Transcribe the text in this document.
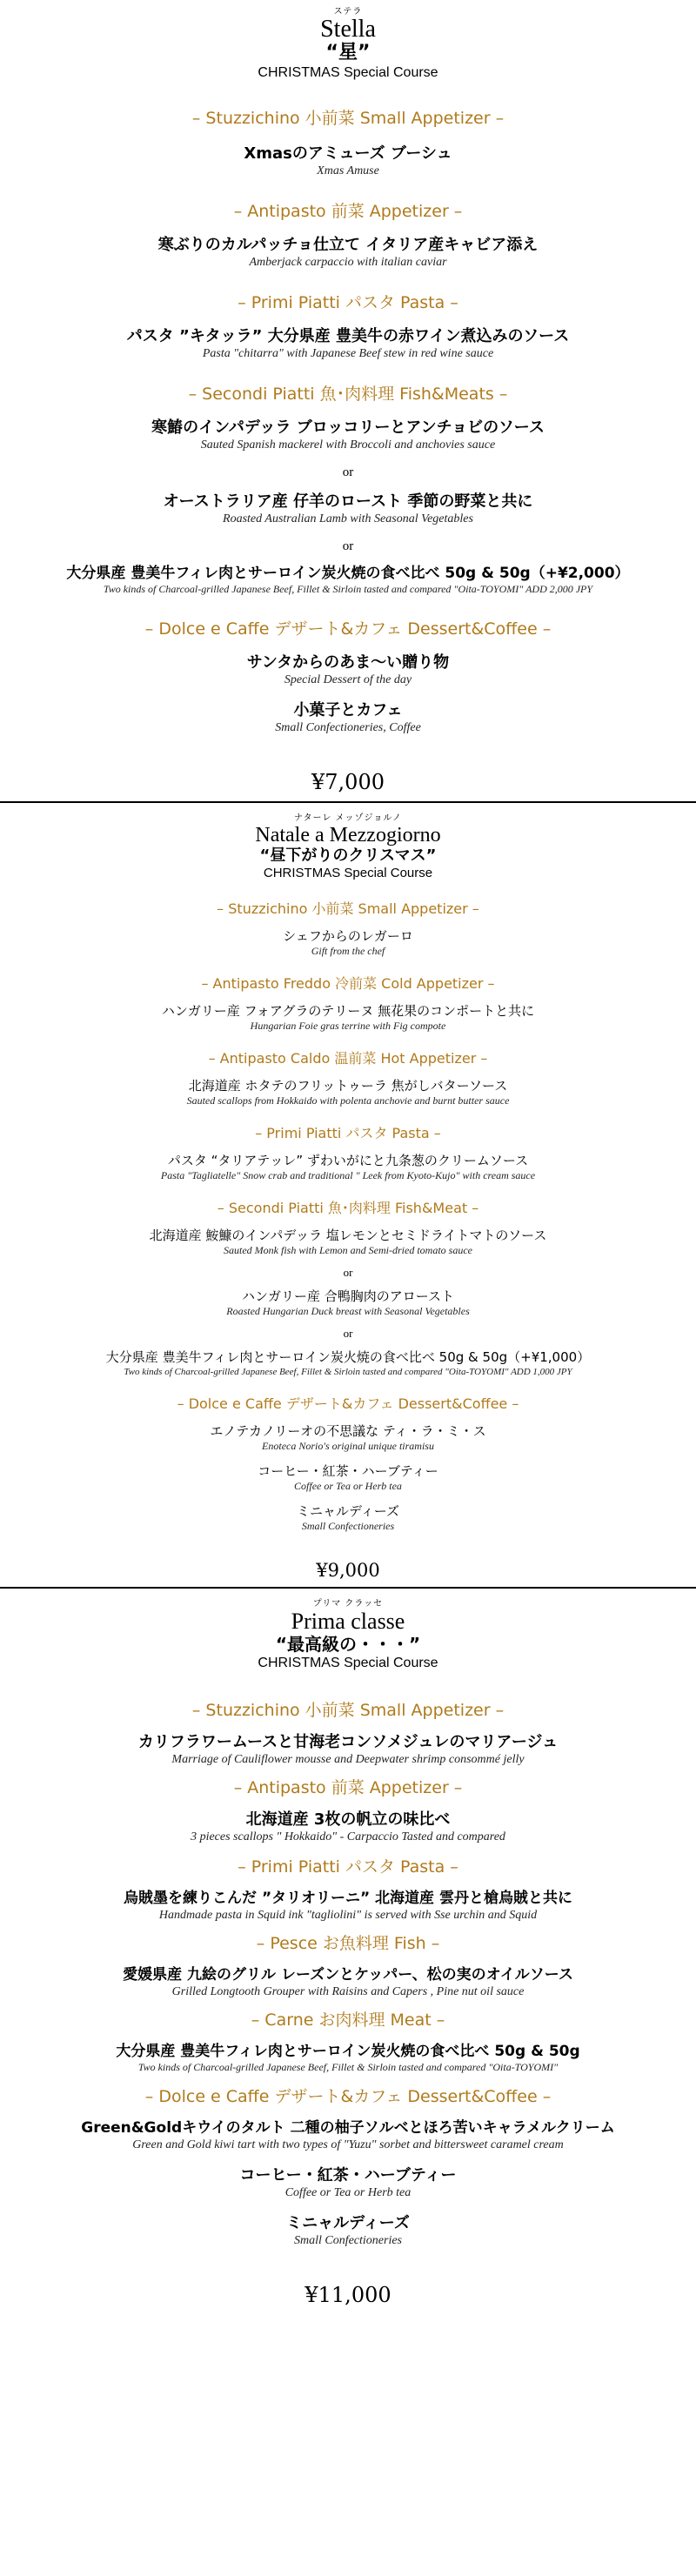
ステラ
Stella
“星”
CHRISTMAS Special Course
– Stuzzichino 小前菜 Small Appetizer –
Xmasのアミューズ ブーシュ
Xmas Amuse
– Antipasto 前菜 Appetizer –
寒ぶりのカルパッチョ仕立て イタリア産キャビア添え
Amberjack carpaccio with italian caviar
– Primi Piatti パスタ Pasta –
パスタ ”キタッラ” 大分県産 豊美牛の赤ワイン煮込みのソース
Pasta "chitarra" with Japanese Beef stew in red wine sauce
– Secondi Piatti 魚･肉料理 Fish&Meats –
寒鰆のインパデッラ ブロッコリーとアンチョビのソース
Sauted Spanish mackerel with Broccoli and anchovies sauce
or
オーストラリア産 仔羊のロースト 季節の野菜と共に
Roasted Australian Lamb with Seasonal Vegetables
or
大分県産 豊美牛フィレ肉とサーロイン炭火焼の食べ比べ 50g & 50g（+¥2,000）
Two kinds of Charcoal-grilled Japanese Beef, Fillet & Sirloin tasted and compared "Oita-TOYOMI" ADD 2,000 JPY
– Dolce e Caffe デザート&カフェ Dessert&Coffee –
サンタからのあま〜い贈り物
Special Dessert of the day
小菓子とカフェ
Small Confectioneries, Coffee
¥7,000
ナターレ メッゾジョルノ
Natale a Mezzogiorno
“昼下がりのクリスマス”
CHRISTMAS Special Course
– Stuzzichino 小前菜 Small Appetizer –
シェフからのレガーロ
Gift from the chef
– Antipasto Freddo 冷前菜 Cold Appetizer –
ハンガリー産 フォアグラのテリーヌ 無花果のコンポートと共に
Hungarian Foie gras terrine with Fig compote
– Antipasto Caldo 温前菜 Hot Appetizer –
北海道産 ホタテのフリットゥーラ 焦がしバターソース
Sauted scallops from Hokkaido with polenta anchovie and burnt butter sauce
– Primi Piatti パスタ Pasta –
パスタ “タリアテッレ” ずわいがにと九条葱のクリームソース
Pasta "Tagliatelle" Snow crab and traditional " Leek from Kyoto-Kujo" with cream sauce
– Secondi Piatti 魚･肉料理 Fish&Meat –
北海道産 鮟鱇のインパデッラ 塩レモンとセミドライトマトのソース
Sauted Monk fish with Lemon and Semi-dried tomato sauce
or
ハンガリー産 合鴨胸肉のアロースト
Roasted Hungarian Duck breast with Seasonal Vegetables
or
大分県産 豊美牛フィレ肉とサーロイン炭火焼の食べ比べ 50g & 50g（+¥1,000）
Two kinds of Charcoal-grilled Japanese Beef, Fillet & Sirloin tasted and compared "Oita-TOYOMI" ADD 1,000 JPY
– Dolce e Caffe デザート&カフェ Dessert&Coffee –
エノテカノリーオの不思議な ティ・ラ・ミ・ス
Enoteca Norio's original unique tiramisu
コーヒー・紅茶・ハーブティー
Coffee or Tea or Herb tea
ミニャルディーズ
Small Confectioneries
¥9,000
プリマ クラッセ
Prima classe
“最高級の・・・”
CHRISTMAS Special Course
– Stuzzichino 小前菜 Small Appetizer –
カリフラワームースと甘海老コンソメジュレのマリアージュ
Marriage of Cauliflower mousse and Deepwater shrimp consommé jelly
– Antipasto 前菜 Appetizer –
北海道産 3枚の帆立の味比べ
3 pieces scallops " Hokkaido" - Carpaccio Tasted and compared
– Primi Piatti パスタ Pasta –
烏賊墨を練りこんだ ”タリオリーニ” 北海道産 雲丹と槍烏賊と共に
Handmade pasta in Squid ink "tagliolini" is served with Sse urchin and Squid
– Pesce お魚料理 Fish –
愛媛県産 九絵のグリル レーズンとケッパー、松の実のオイルソース
Grilled Longtooth Grouper with Raisins and Capers , Pine nut oil sauce
– Carne お肉料理 Meat –
大分県産 豊美牛フィレ肉とサーロイン炭火焼の食べ比べ 50g & 50g
Two kinds of Charcoal-grilled Japanese Beef, Fillet & Sirloin tasted and compared "Oita-TOYOMI"
– Dolce e Caffe デザート&カフェ Dessert&Coffee –
Green&Goldキウイのタルト 二種の柚子ソルベとほろ苦いキャラメルクリーム
Green and Gold kiwi tart with two types of "Yuzu" sorbet and bittersweet caramel cream
コーヒー・紅茶・ハーブティー
Coffee or Tea or Herb tea
ミニャルディーズ
Small Confectioneries
¥11,000
